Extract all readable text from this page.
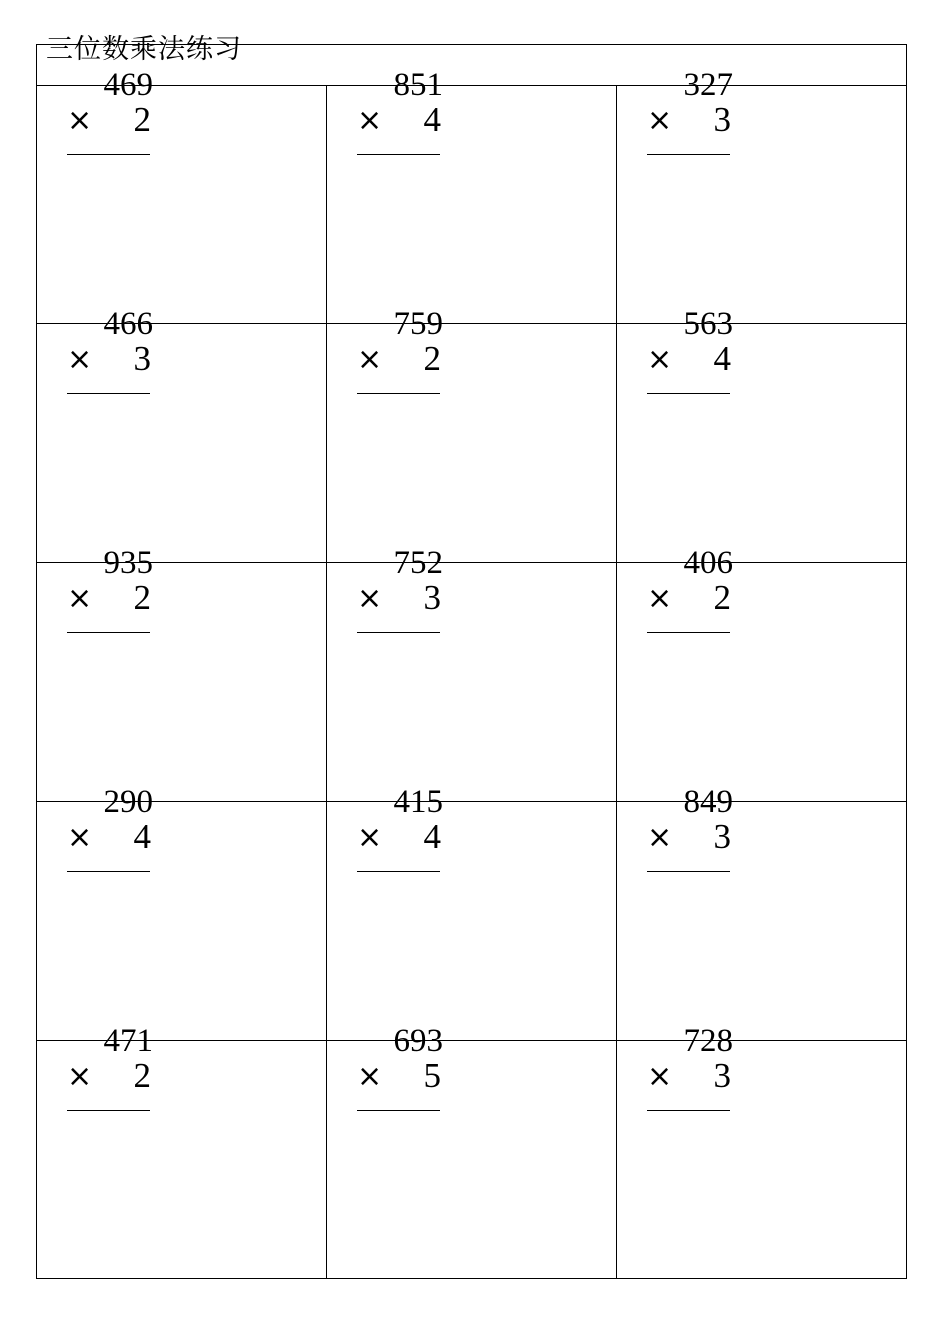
三位数乘法练习
469
× 2
851
× 4
327
× 3
466
× 3
759
× 2
563
× 4
935
× 2
752
× 3
406
× 2
290
× 4
415
× 4
849
× 3
471
× 2
693
× 5
728
× 3
